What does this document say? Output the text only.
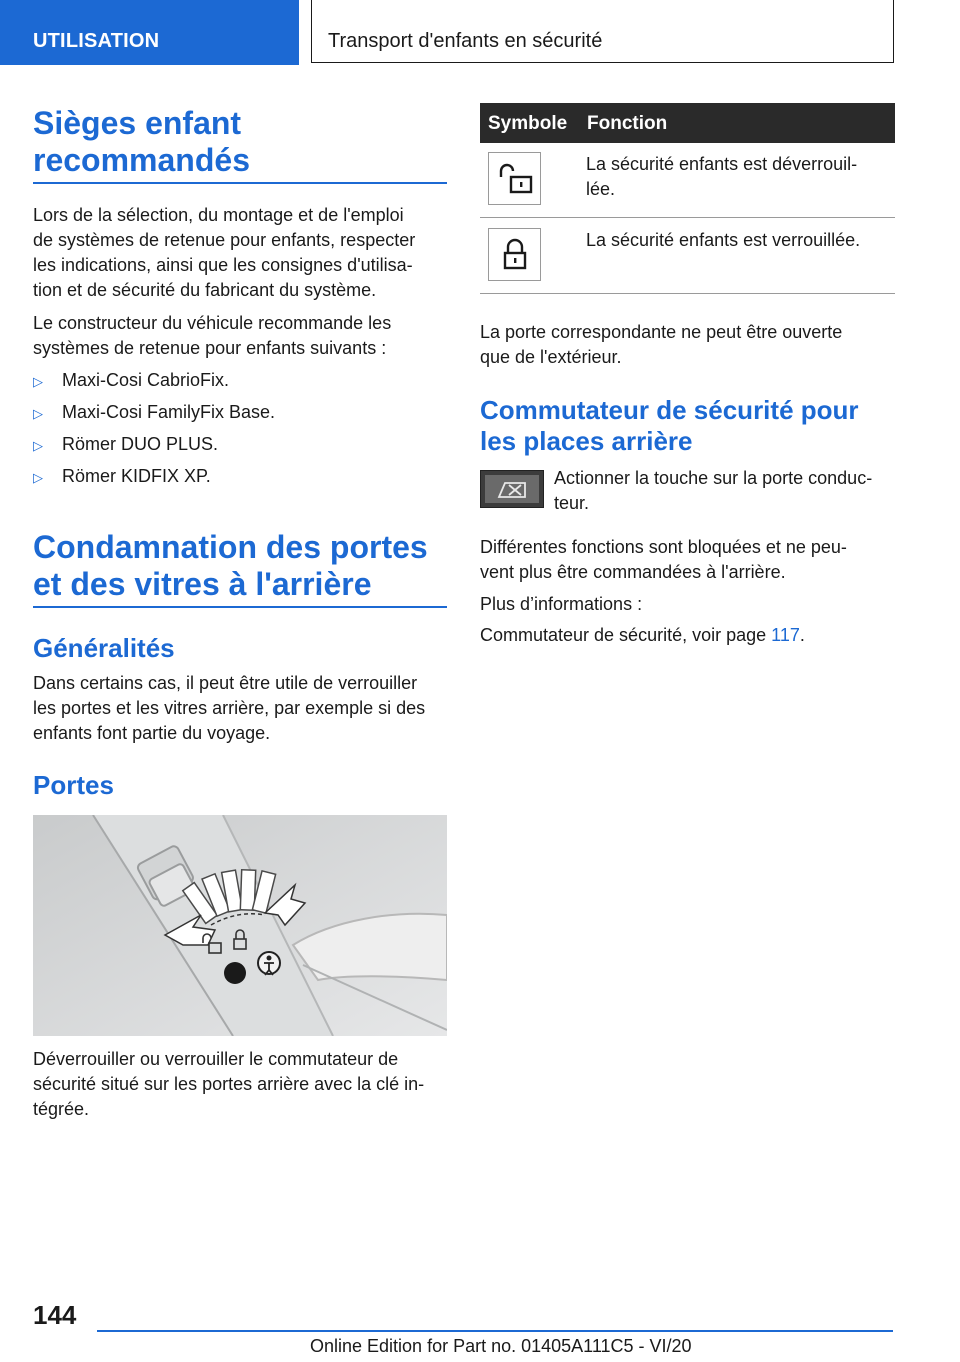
UTILISATION	Transport d'enfants en sécurité
Sièges enfant
recommandés
Lors de la sélection, du montage et de l'emploi
de systèmes de retenue pour enfants, respecter
les indications, ainsi que les consignes d'utilisa-
tion et de sécurité du fabricant du système.
Le constructeur du véhicule recommande les
systèmes de retenue pour enfants suivants :
▷ Maxi-Cosi CabrioFix.
▷ Maxi-Cosi FamilyFix Base.
▷ Römer DUO PLUS.
▷ Römer KIDFIX XP.
Condamnation des portes
et des vitres à l'arrière
Généralités
Dans certains cas, il peut être utile de verrouiller
les portes et les vitres arrière, par exemple si des
enfants font partie du voyage.
Portes
Déverrouiller ou verrouiller le commutateur de
sécurité situé sur les portes arrière avec la clé in-
tégrée.
Symbole Fonction
La sécurité enfants est déverrouil-
lée.
La sécurité enfants est verrouillée.
La porte correspondante ne peut être ouverte
que de l'extérieur.
Commutateur de sécurité pour
les places arrière
Actionner la touche sur la porte conduc-
teur.
Différentes fonctions sont bloquées et ne peu-
vent plus être commandées à l'arrière.
Plus d’informations :
Commutateur de sécurité, voir page 117.
144
Online Edition for Part no. 01405A111C5 - VI/20
